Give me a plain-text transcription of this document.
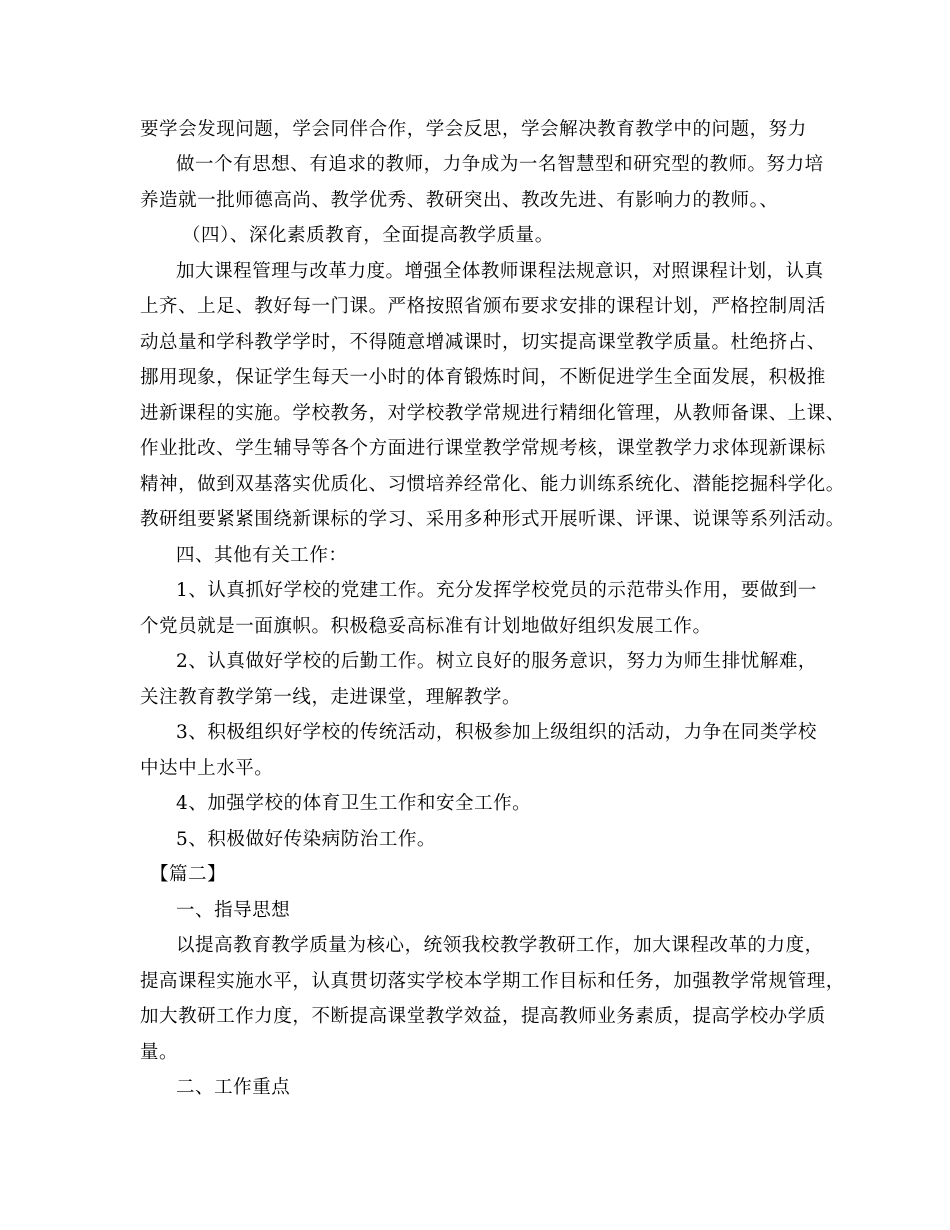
要学会发现问题，学会同伴合作，学会反思，学会解决教育教学中的问题，努力
做一个有思想、有追求的教师，力争成为一名智慧型和研究型的教师。努力培
养造就一批师德高尚、教学优秀、教研突出、教改先进、有影响力的教师。、
（四）、深化素质教育，全面提高教学质量。
加大课程管理与改革力度。增强全体教师课程法规意识，对照课程计划，认真
上齐、上足、教好每一门课。严格按照省颁布要求安排的课程计划，严格控制周活
动总量和学科教学学时，不得随意增减课时，切实提高课堂教学质量。杜绝挤占、
挪用现象，保证学生每天一小时的体育锻炼时间，不断促进学生全面发展，积极推
进新课程的实施。学校教务，对学校教学常规进行精细化管理，从教师备课、上课、
作业批改、学生辅导等各个方面进行课堂教学常规考核，课堂教学力求体现新课标
精神，做到双基落实优质化、习惯培养经常化、能力训练系统化、潜能挖掘科学化。
教研组要紧紧围绕新课标的学习、采用多种形式开展听课、评课、说课等系列活动。
四、其他有关工作：
1、认真抓好学校的党建工作。充分发挥学校党员的示范带头作用，要做到一
个党员就是一面旗帜。积极稳妥高标准有计划地做好组织发展工作。
2、认真做好学校的后勤工作。树立良好的服务意识，努力为师生排忧解难，
关注教育教学第一线，走进课堂，理解教学。
3、积极组织好学校的传统活动，积极参加上级组织的活动，力争在同类学校
中达中上水平。
4、加强学校的体育卫生工作和安全工作。
5、积极做好传染病防治工作。
【篇二】
一、指导思想
以提高教育教学质量为核心，统领我校教学教研工作，加大课程改革的力度，
提高课程实施水平，认真贯切落实学校本学期工作目标和任务，加强教学常规管理，
加大教研工作力度，不断提高课堂教学效益，提高教师业务素质，提高学校办学质
量。
二、工作重点
